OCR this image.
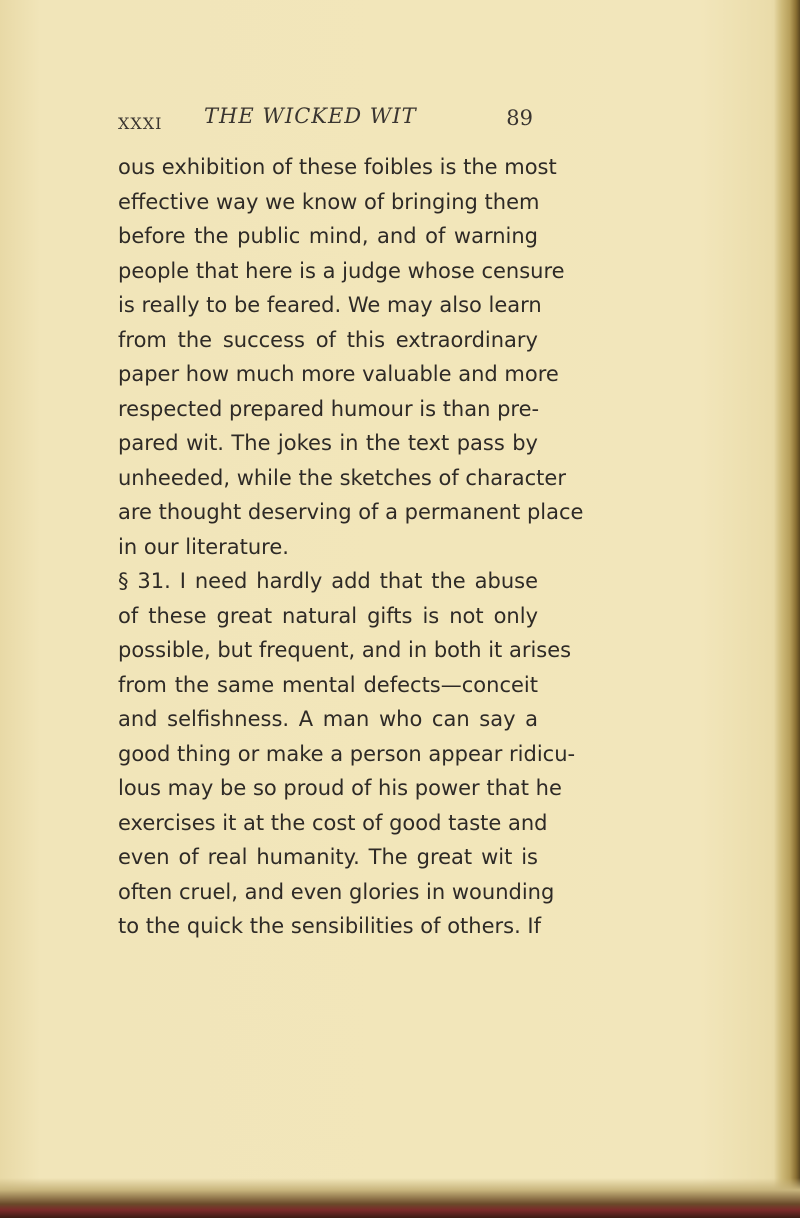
XXXI THE WICKED WIT	89
ous exhibition of these foibles is the most
effective way we know of bringing them
before the public mind, and of warning
people that here is a judge whose censure
is really to be feared. We may also learn
from the success of this extraordinary
paper how much more valuable and more
respected prepared humour is than pre-
pared wit. The jokes in the text pass by
unheeded, while the sketches of character
are thought deserving of a permanent place
in our literature.
§ 31. I need hardly add that the abuse
of these great natural gifts is not only
possible, but frequent, and in both it arises
from the same mental defects—conceit
and selfishness. A man who can say a
good thing or make a person appear ridicu-
lous may be so proud of his power that he
exercises it at the cost of good taste and
even of real humanity. The great wit is
often cruel, and even glories in wounding
to the quick the sensibilities of others. If
